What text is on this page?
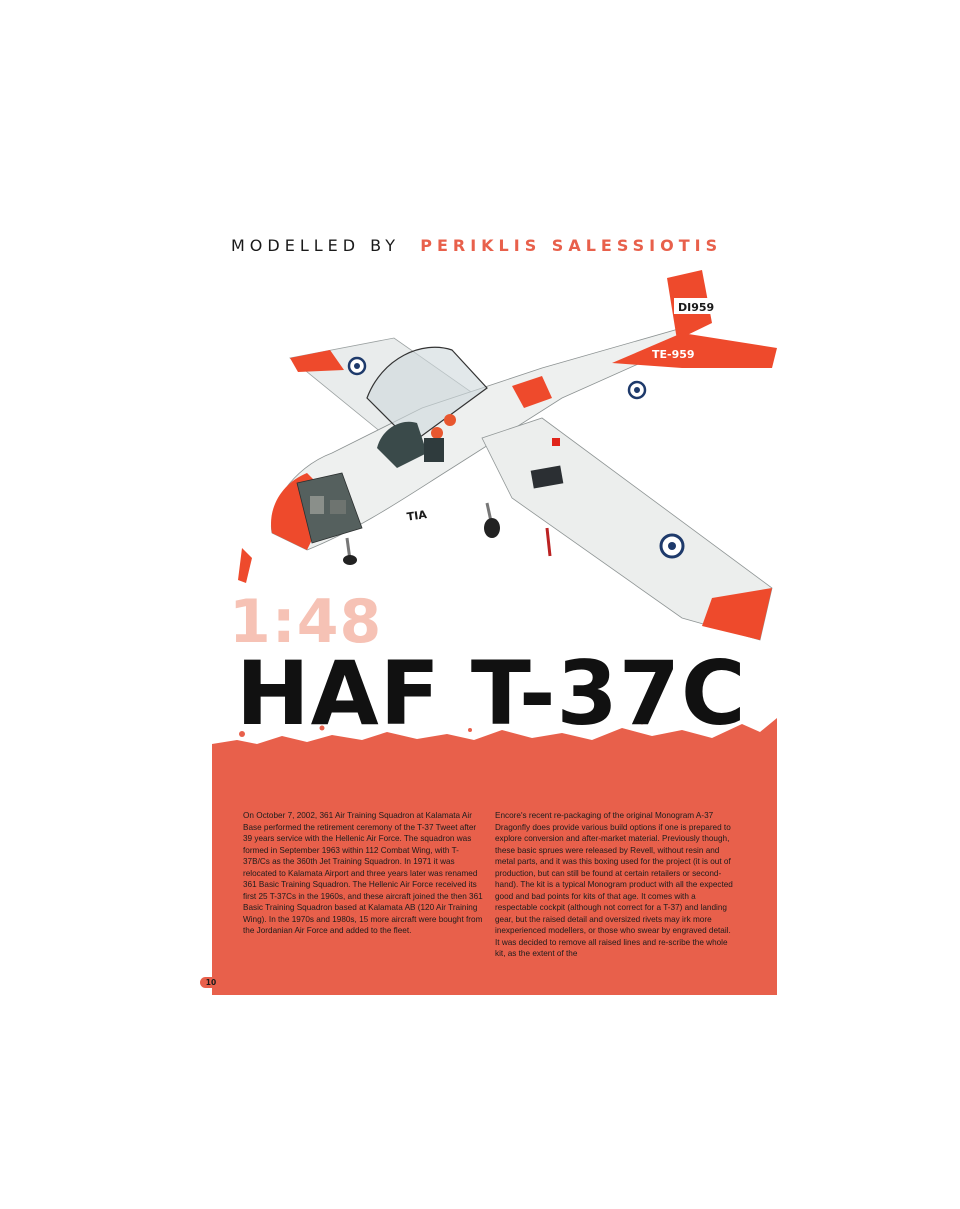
MODELLED BY PERIKLIS SALESSIOTIS
DI959
TE-959
TIA
1:48
HAF T-37C
On October 7, 2002, 361 Air Training Squadron at Kalamata Air Base performed the retirement ceremony of the T-37 Tweet after 39 years service with the Hellenic Air Force. The squadron was formed in September 1963 within 112 Combat Wing, with T-37B/Cs as the 360th Jet Training Squadron. In 1971 it was relocated to Kalamata Airport and three years later was renamed 361 Basic Training Squadron. The Hellenic Air Force received its first 25 T-37Cs in the 1960s, and these aircraft joined the then 361 Basic Training Squadron based at Kalamata AB (120 Air Training Wing). In the 1970s and 1980s, 15 more aircraft were bought from the Jordanian Air Force and added to the fleet.
Encore's recent re-packaging of the original Monogram A-37 Dragonfly does provide various build options if one is prepared to explore conversion and after-market material. Previously though, these basic sprues were released by Revell, without resin and metal parts, and it was this boxing used for the project (it is out of production, but can still be found at certain retailers or second-hand). The kit is a typical Monogram product with all the expected good and bad points for kits of that age. It comes with a respectable cockpit (although not correct for a T-37) and landing gear, but the raised detail and oversized rivets may irk more inexperienced modellers, or those who swear by engraved detail. It was decided to remove all raised lines and re-scribe the whole kit, as the extent of the
10
